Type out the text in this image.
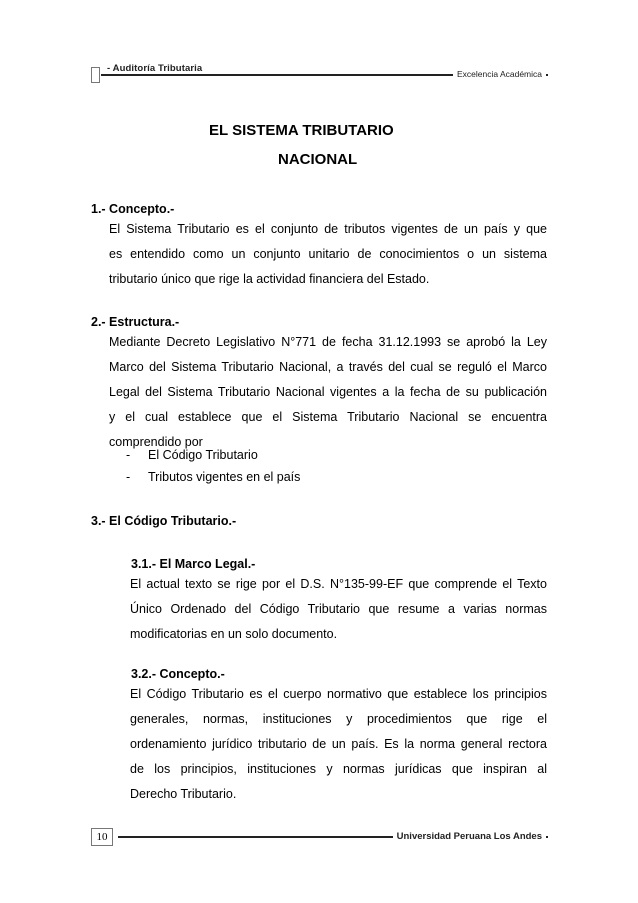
- Auditoría Tributaria	Excelencia Académica
EL SISTEMA TRIBUTARIO
NACIONAL
1.- Concepto.-
El Sistema Tributario es el conjunto de tributos vigentes de un país y que
es entendido como un conjunto unitario de conocimientos o un sistema
tributario único que rige la actividad financiera del Estado.
2.- Estructura.-
Mediante Decreto Legislativo N°771 de fecha 31.12.1993 se aprobó la Ley
Marco del Sistema Tributario Nacional, a través del cual se reguló el Marco
Legal del Sistema Tributario Nacional vigentes a la fecha de su publicación
y el cual establece que el Sistema Tributario Nacional se encuentra
comprendido por
- El Código Tributario
- Tributos vigentes en el país
3.- El Código Tributario.-
3.1.- El Marco Legal.-
El actual texto se rige por el D.S. N°135-99-EF que comprende el Texto
Único Ordenado del Código Tributario que resume a varias normas
modificatorias en un solo documento.
3.2.- Concepto.-
El Código Tributario es el cuerpo normativo que establece los principios
generales, normas, instituciones y procedimientos que rige el
ordenamiento jurídico tributario de un país. Es la norma general rectora
de los principios, instituciones y normas jurídicas que inspiran al
Derecho Tributario.
10	Universidad Peruana Los Andes
